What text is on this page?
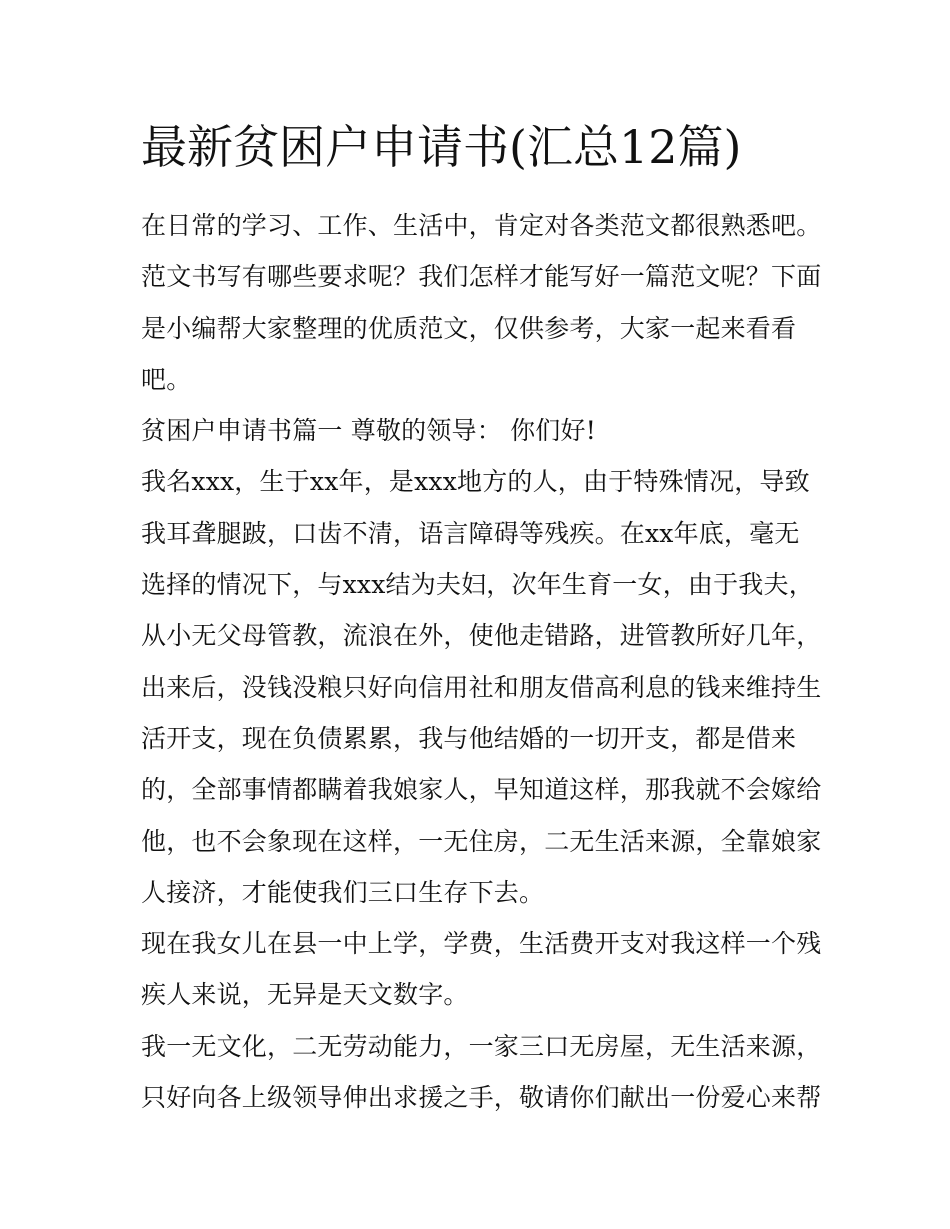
最新贫困户申请书(汇总12篇)
在日常的学习、工作、生活中，肯定对各类范文都很熟悉吧。
范文书写有哪些要求呢？我们怎样才能写好一篇范文呢？下面
是小编帮大家整理的优质范文，仅供参考，大家一起来看看
吧。
贫困户申请书篇一 尊敬的领导： 你们好!
我名xxx，生于xx年，是xxx地方的人，由于特殊情况，导致
我耳聋腿跛，口齿不清，语言障碍等残疾。在xx年底，毫无
选择的情况下，与xxx结为夫妇，次年生育一女，由于我夫，
从小无父母管教，流浪在外，使他走错路，进管教所好几年，
出来后，没钱没粮只好向信用社和朋友借高利息的钱来维持生
活开支，现在负债累累，我与他结婚的一切开支，都是借来
的，全部事情都瞒着我娘家人，早知道这样，那我就不会嫁给
他，也不会象现在这样，一无住房，二无生活来源，全靠娘家
人接济，才能使我们三口生存下去。
现在我女儿在县一中上学，学费，生活费开支对我这样一个残
疾人来说，无异是天文数字。
我一无文化，二无劳动能力，一家三口无房屋，无生活来源，
只好向各上级领导伸出求援之手，敬请你们献出一份爱心来帮
